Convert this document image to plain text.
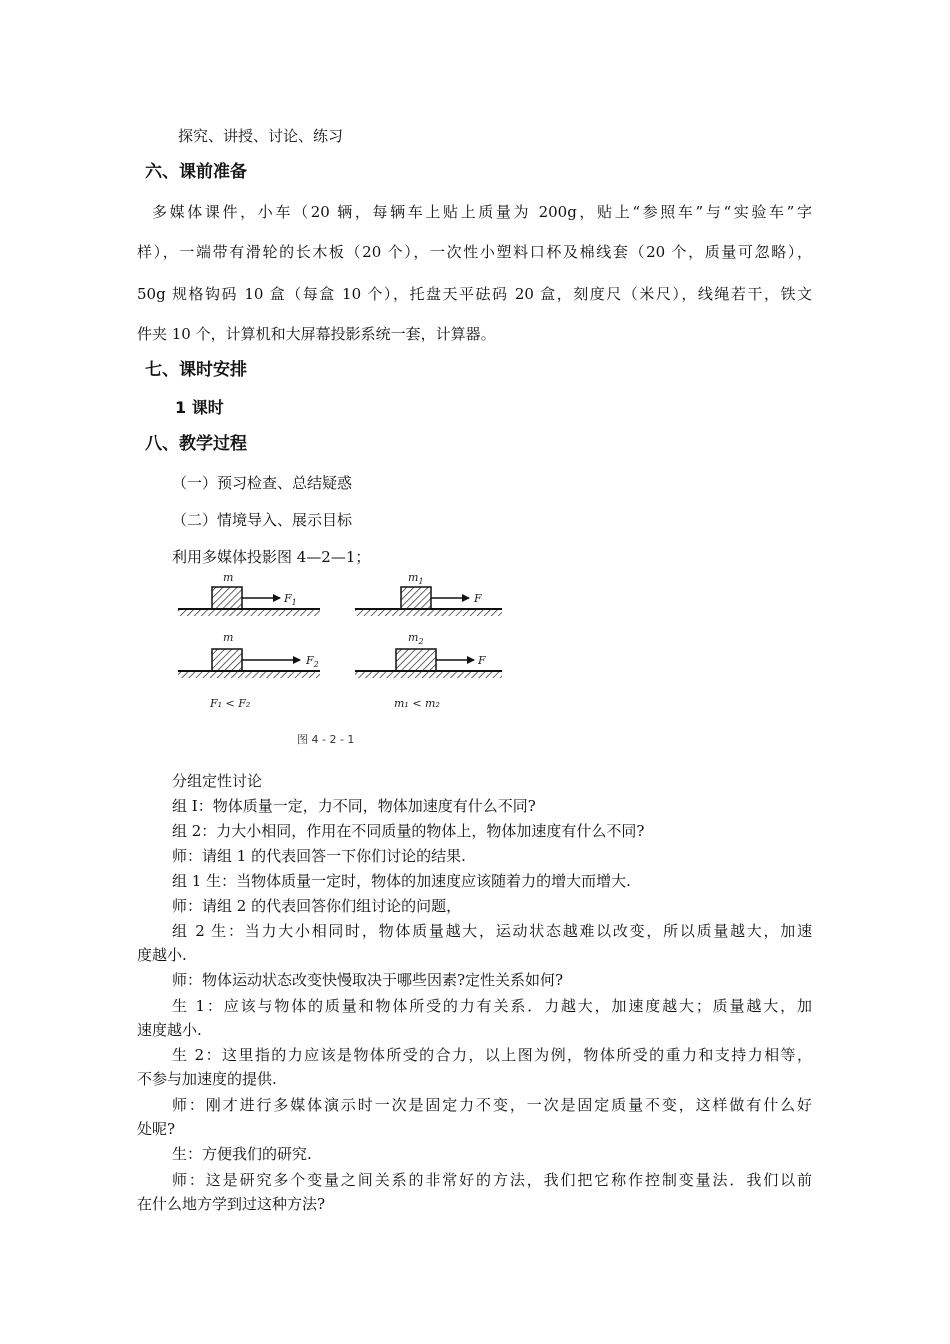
探究、讲授、讨论、练习
六、课前准备
多媒体课件，小车（20 辆，每辆车上贴上质量为 200g，贴上“参照车”与“实验车”字
样），一端带有滑轮的长木板（20 个），一次性小塑料口杯及棉线套（20 个，质量可忽略），
50g 规格钩码 10 盒（每盒 10 个），托盘天平砝码 20 盒，刻度尺（米尺），线绳若干，铁文
件夹 10 个，计算机和大屏幕投影系统一套，计算器。
七、课时安排
1 课时
八、教学过程
（一）预习检查、总结疑惑
（二）情境导入、展示目标
利用多媒体投影图 4—2—1；
m
$F_1$
$m_1$
F
m
$F_2$
$m_2$
F
F₁ < F₂	m₁ < m₂
图 4 - 2 - 1
分组定性讨论
组 I：物体质量一定，力不同，物体加速度有什么不同?
组 2：力大小相同，作用在不同质量的物体上，物体加速度有什么不同?
师：请组 1 的代表回答一下你们讨论的结果.
组 1 生：当物体质量一定时，物体的加速度应该随着力的增大而增大.
师：请组 2 的代表回答你们组讨论的问题，
组 2 生：当力大小相同时，物体质量越大，运动状态越难以改变，所以质量越大，加速
度越小.
师：物体运动状态改变快慢取决于哪些因素?定性关系如何?
生 1：应该与物体的质量和物体所受的力有关系．力越大，加速度越大；质量越大，加
速度越小.
生 2：这里指的力应该是物体所受的合力，以上图为例，物体所受的重力和支持力相等，
不参与加速度的提供.
师：刚才进行多媒体演示时一次是固定力不变，一次是固定质量不变，这样做有什么好
处呢?
生：方便我们的研究.
师：这是研究多个变量之间关系的非常好的方法，我们把它称作控制变量法．我们以前
在什么地方学到过这种方法?
